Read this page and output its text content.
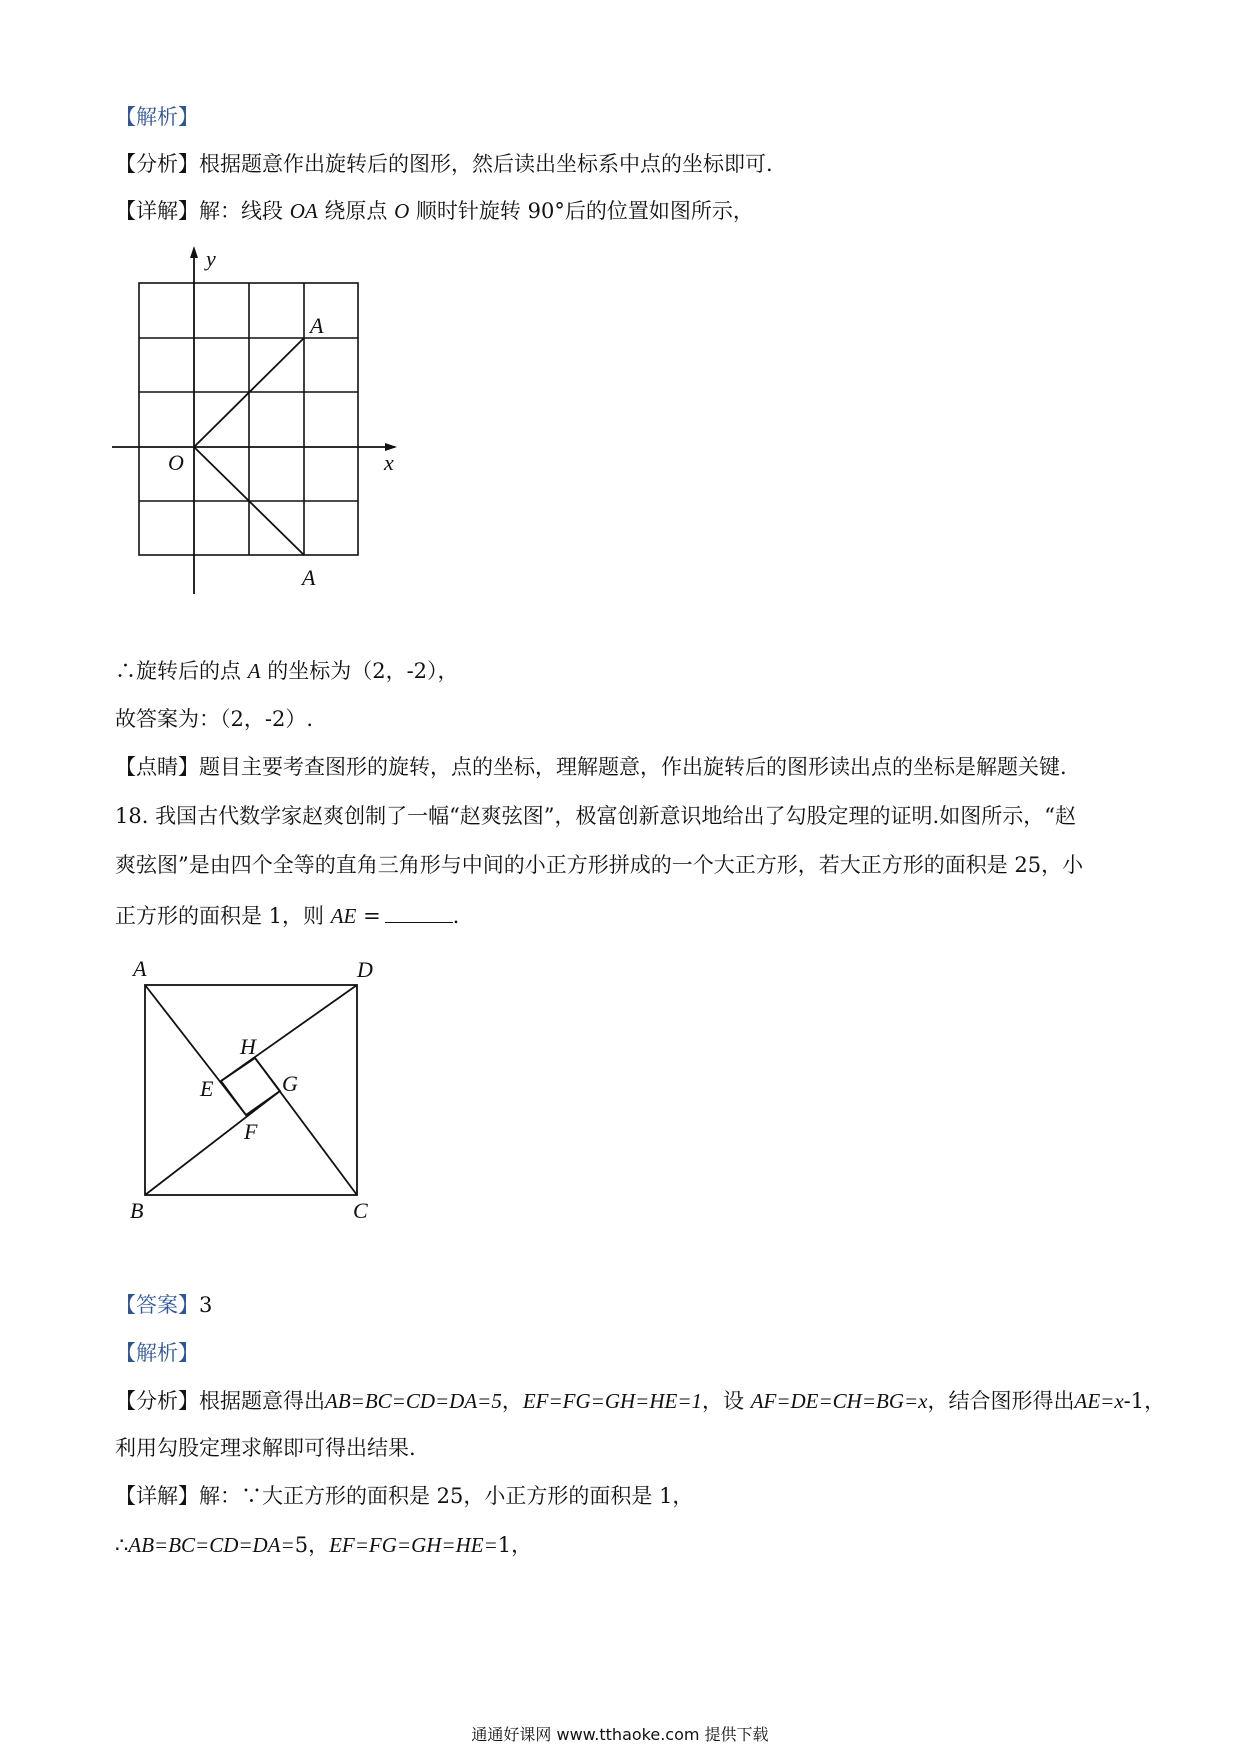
【解析】
【分析】根据题意作出旋转后的图形，然后读出坐标系中点的坐标即可.
【详解】解：线段 OA 绕原点 O 顺时针旋转 90°后的位置如图所示，
y
x
O
A
A
∴旋转后的点 A 的坐标为（2，-2），
故答案为：（2，-2）.
【点睛】题目主要考查图形的旋转，点的坐标，理解题意，作出旋转后的图形读出点的坐标是解题关键.
18. 我国古代数学家赵爽创制了一幅“赵爽弦图”，极富创新意识地给出了勾股定理的证明.如图所示，“赵
爽弦图”是由四个全等的直角三角形与中间的小正方形拼成的一个大正方形，若大正方形的面积是 25，小
正方形的面积是 1，则 AE =	.
A	D
B	C
H
E	G
F
【答案】3
【解析】
【分析】根据题意得出AB=BC=CD=DA=5，EF=FG=GH=HE=1，设 AF=DE=CH=BG=x，结合图形得出AE=x-1，
利用勾股定理求解即可得出结果.
【详解】解：∵大正方形的面积是 25，小正方形的面积是 1，
∴AB=BC=CD=DA=5，EF=FG=GH=HE=1，
通通好课网 www.tthaoke.com 提供下载
